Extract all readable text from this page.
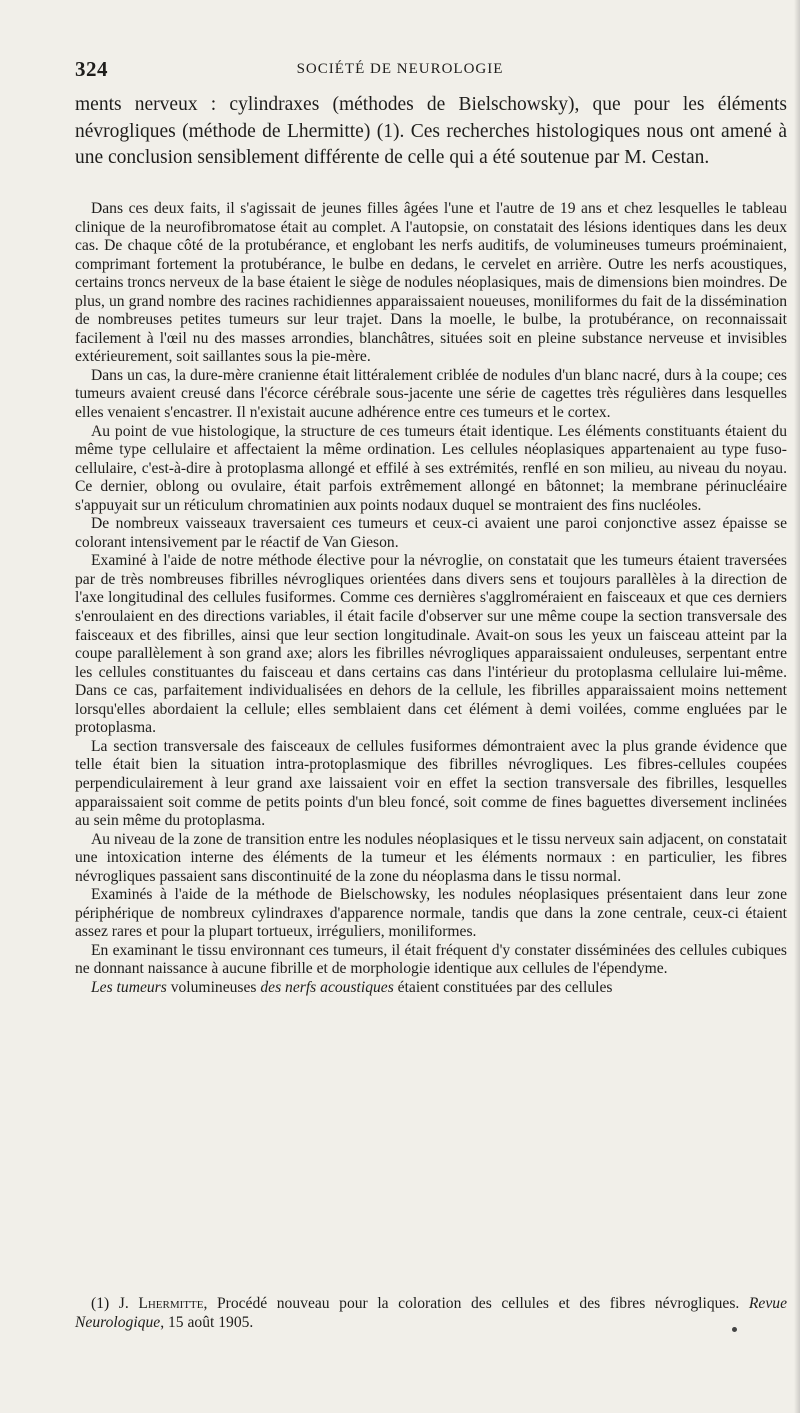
324	SOCIÉTÉ DE NEUROLOGIE

ments nerveux : cylindraxes (méthodes de Bielschowsky), que pour les éléments névrogliques (méthode de Lhermitte) (1). Ces recherches histologiques nous ont amené à une conclusion sensiblement différente de celle qui a été soutenue par M. Cestan.

Dans ces deux faits, il s'agissait de jeunes filles âgées l'une et l'autre de 19 ans et chez lesquelles le tableau clinique de la neurofibromatose était au complet. A l'autopsie, on constatait des lésions identiques dans les deux cas. De chaque côté de la protubérance, et englobant les nerfs auditifs, de volumineuses tumeurs proéminaient, comprimant fortement la protubérance, le bulbe en dedans, le cervelet en arrière. Outre les nerfs acoustiques, certains troncs nerveux de la base étaient le siège de nodules néoplasiques, mais de dimensions bien moindres. De plus, un grand nombre des racines rachidiennes apparaissaient noueuses, moniliformes du fait de la dissémination de nombreuses petites tumeurs sur leur trajet. Dans la moelle, le bulbe, la protubérance, on reconnaissait facilement à l'œil nu des masses arrondies, blanchâtres, situées soit en pleine substance nerveuse et invisibles extérieurement, soit saillantes sous la pie-mère.

Dans un cas, la dure-mère cranienne était littéralement criblée de nodules d'un blanc nacré, durs à la coupe; ces tumeurs avaient creusé dans l'écorce cérébrale sous-jacente une série de cagettes très régulières dans lesquelles elles venaient s'encastrer. Il n'existait aucune adhérence entre ces tumeurs et le cortex.

Au point de vue histologique, la structure de ces tumeurs était identique. Les éléments constituants étaient du même type cellulaire et affectaient la même ordination. Les cellules néoplasiques appartenaient au type fuso-cellulaire, c'est-à-dire à protoplasma allongé et effilé à ses extrémités, renflé en son milieu, au niveau du noyau. Ce dernier, oblong ou ovulaire, était parfois extrêmement allongé en bâtonnet; la membrane périnucléaire s'appuyait sur un réticulum chromatinien aux points nodaux duquel se montraient des fins nucléoles.

De nombreux vaisseaux traversaient ces tumeurs et ceux-ci avaient une paroi conjonctive assez épaisse se colorant intensivement par le réactif de Van Gieson.

Examiné à l'aide de notre méthode élective pour la névroglie, on constatait que les tumeurs étaient traversées par de très nombreuses fibrilles névrogliques orientées dans divers sens et toujours parallèles à la direction de l'axe longitudinal des cellules fusiformes. Comme ces dernières s'agglroméraient en faisceaux et que ces derniers s'enroulaient en des directions variables, il était facile d'observer sur une même coupe la section transversale des faisceaux et des fibrilles, ainsi que leur section longitudinale. Avait-on sous les yeux un faisceau atteint par la coupe parallèlement à son grand axe; alors les fibrilles névrogliques apparaissaient onduleuses, serpentant entre les cellules constituantes du faisceau et dans certains cas dans l'intérieur du protoplasma cellulaire lui-même. Dans ce cas, parfaitement individualisées en dehors de la cellule, les fibrilles apparaissaient moins nettement lorsqu'elles abordaient la cellule; elles semblaient dans cet élément à demi voilées, comme engluées par le protoplasma.

La section transversale des faisceaux de cellules fusiformes démontraient avec la plus grande évidence que telle était bien la situation intra-protoplasmique des fibrilles névrogliques. Les fibres-cellules coupées perpendiculairement à leur grand axe laissaient voir en effet la section transversale des fibrilles, lesquelles apparaissaient soit comme de petits points d'un bleu foncé, soit comme de fines baguettes diversement inclinées au sein même du protoplasma.

Au niveau de la zone de transition entre les nodules néoplasiques et le tissu nerveux sain adjacent, on constatait une intoxication interne des éléments de la tumeur et les éléments normaux : en particulier, les fibres névrogliques passaient sans discontinuité de la zone du néoplasma dans le tissu normal.

Examinés à l'aide de la méthode de Bielschowsky, les nodules néoplasiques présentaient dans leur zone périphérique de nombreux cylindraxes d'apparence normale, tandis que dans la zone centrale, ceux-ci étaient assez rares et pour la plupart tortueux, irréguliers, moniliformes.

En examinant le tissu environnant ces tumeurs, il était fréquent d'y constater disséminées des cellules cubiques ne donnant naissance à aucune fibrille et de morphologie identique aux cellules de l'épendyme.

Les tumeurs volumineuses des nerfs acoustiques étaient constituées par des cellules

(1) J. Lhermitte, Procédé nouveau pour la coloration des cellules et des fibres névrogliques. Revue Neurologique, 15 août 1905.
